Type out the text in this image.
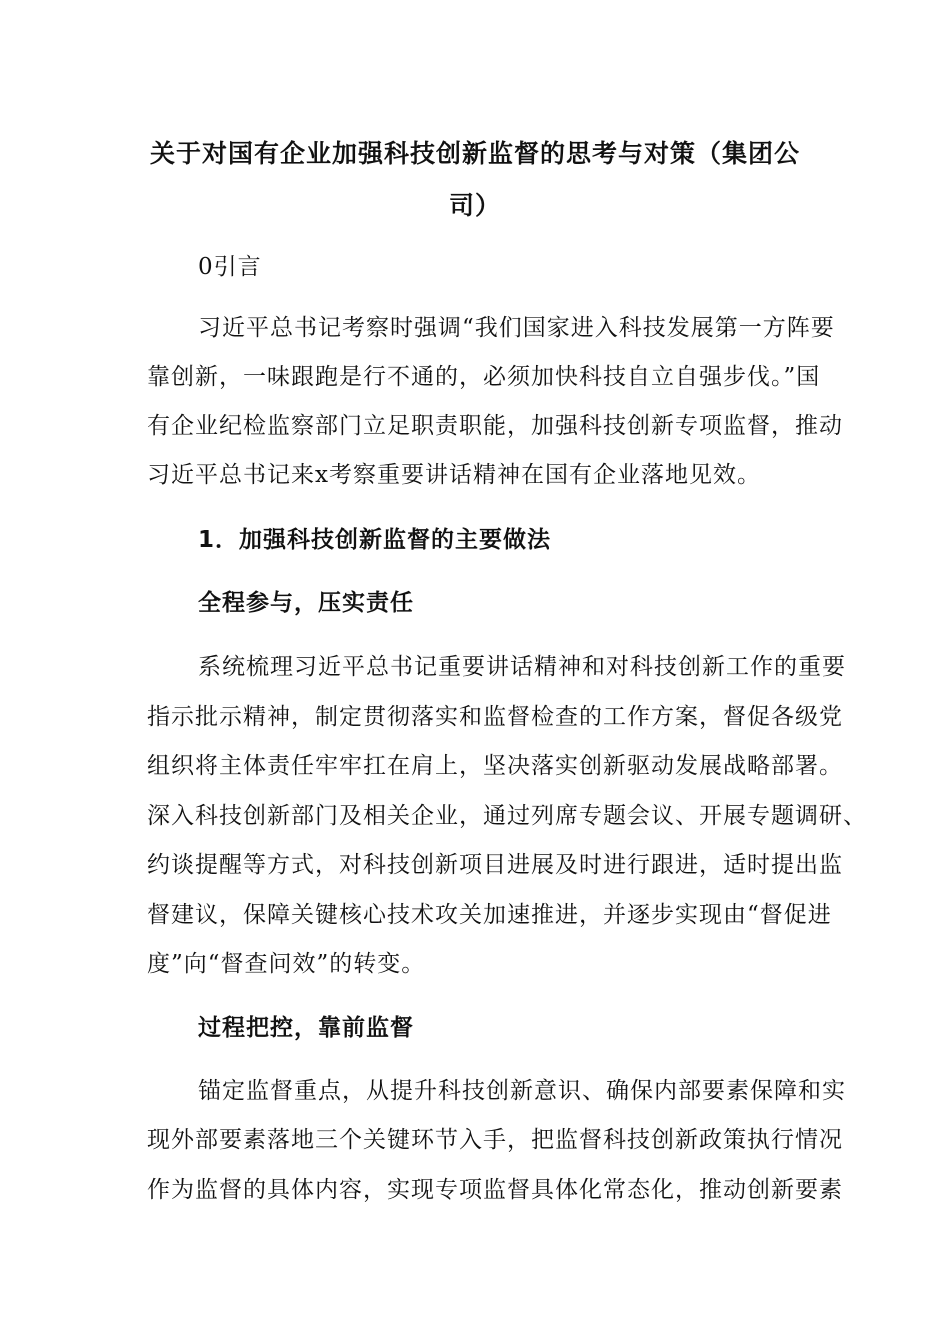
关于对国有企业加强科技创新监督的思考与对策（集团公司）
0引言
习近平总书记考察时强调“我们国家进入科技发展第一方阵要
靠创新，一味跟跑是行不通的，必须加快科技自立自强步伐。”国
有企业纪检监察部门立足职责职能，加强科技创新专项监督，推动
习近平总书记来x考察重要讲话精神在国有企业落地见效。
1．加强科技创新监督的主要做法
全程参与，压实责任
系统梳理习近平总书记重要讲话精神和对科技创新工作的重要
指示批示精神，制定贯彻落实和监督检查的工作方案，督促各级党
组织将主体责任牢牢扛在肩上，坚决落实创新驱动发展战略部署。
深入科技创新部门及相关企业，通过列席专题会议、开展专题调研、
约谈提醒等方式，对科技创新项目进展及时进行跟进，适时提出监
督建议，保障关键核心技术攻关加速推进，并逐步实现由“督促进
度”向“督查问效”的转变。
过程把控，靠前监督
锚定监督重点，从提升科技创新意识、确保内部要素保障和实
现外部要素落地三个关键环节入手，把监督科技创新政策执行情况
作为监督的具体内容，实现专项监督具体化常态化，推动创新要素
